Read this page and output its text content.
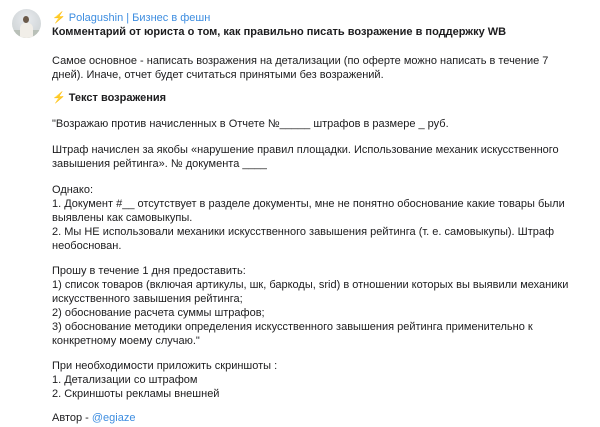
⚡ Polagushin | Бизнес в фешн
Комментарий от юриста о том, как правильно писать возражение в поддержку WB
Самое основное - написать возражения на детализации (по оферте можно написать в течение 7
дней). Иначе, отчет будет считаться принятыми без возражений.
⚡ Текст возражения
"Возражаю против начисленных в Отчете №_____ штрафов в размере _ руб.
Штраф начислен за якобы «нарушение правил площадки. Использование механик искусственного
завышения рейтинга». № документа ____
Однако:
1. Документ #__ отсутствует в разделе документы, мне не понятно обоснование какие товары были
выявлены как самовыкупы.
2. Мы НЕ использовали механики искусственного завышения рейтинга (т. е. самовыкупы). Штраф
необоснован.
Прошу в течение 1 дня предоставить:
1) список товаров (включая артикулы, шк, баркоды, srid) в отношении которых вы выявили механики
искусственного завышения рейтинга;
2) обоснование расчета суммы штрафов;
3) обоснование методики определения искусственного завышения рейтинга применительно к
конкретному моему случаю."
При необходимости приложить скриншоты :
1. Детализации со штрафом
2. Скриншоты рекламы внешней
Автор - @egiaze
